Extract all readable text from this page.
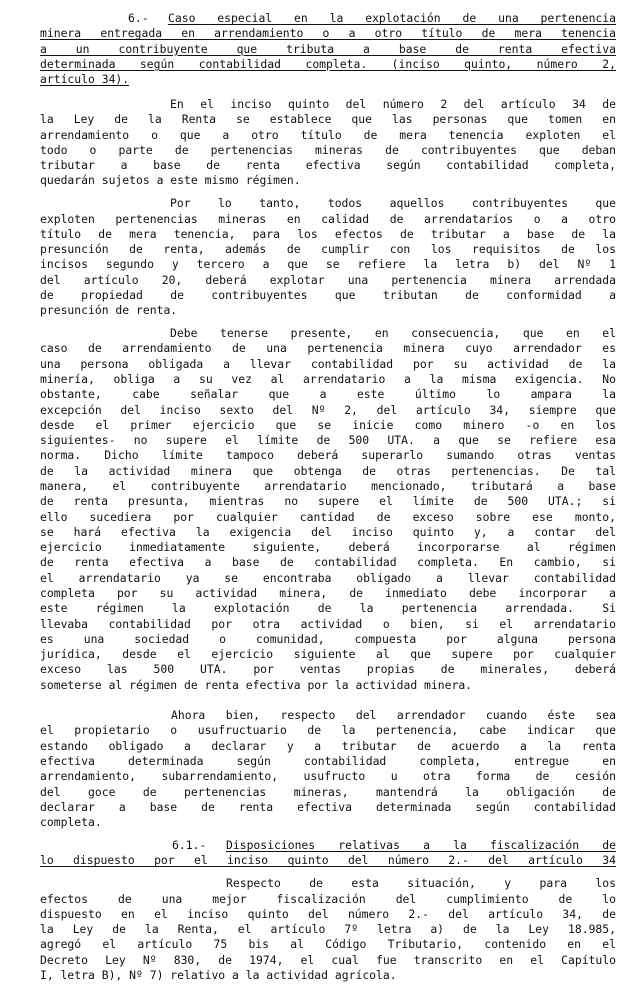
6.- Caso especial en la explotación de una pertenencia
minera entregada en arrendamiento o a otro título de mera tenencia
a un contribuyente que tributa a base de renta efectiva
determinada según contabilidad completa. (inciso quinto, número 2,
artículo 34).
En el inciso quinto del número 2 del artículo 34 de
la Ley de la Renta se establece que las personas que tomen en
arrendamiento o que a otro título de mera tenencia exploten el
todo o parte de pertenencias mineras de contribuyentes que deban
tributar a base de renta efectiva según contabilidad completa,
quedarán sujetos a este mismo régimen.
Por lo tanto, todos aquellos contribuyentes que
exploten pertenencias mineras en calidad de arrendatarios o a otro
título de mera tenencia, para los efectos de tributar a base de la
presunción de renta, además de cumplir con los requisitos de los
incisos segundo y tercero a que se refiere la letra b) del Nº 1
del artículo 20, deberá explotar una pertenencia minera arrendada
de propiedad de contribuyentes que tributan de conformidad a
presunción de renta.
Debe tenerse presente, en consecuencia, que en el
caso de arrendamiento de una pertenencia minera cuyo arrendador es
una persona obligada a llevar contabilidad por su actividad de la
minería, obliga a su vez al arrendatario a la misma exigencia. No
obstante, cabe señalar que a este último lo ampara la
excepción del inciso sexto del Nº 2, del artículo 34, siempre que
desde el primer ejercicio que se inicie como minero -o en los
siguientes- no supere el límite de 500 UTA. a que se refiere esa
norma. Dicho límite tampoco deberá superarlo sumando otras ventas
de la actividad minera que obtenga de otras pertenencias. De tal
manera, el contribuyente arrendatario mencionado, tributará a base
de renta presunta, mientras no supere el límite de 500 UTA.; si
ello sucediera por cualquier cantidad de exceso sobre ese monto,
se hará efectiva la exigencia del inciso quinto y, a contar del
ejercicio inmediatamente siguiente, deberá incorporarse al régimen
de renta efectiva a base de contabilidad completa. En cambio, si
el arrendatario ya se encontraba obligado a llevar contabilidad
completa por su actividad minera, de inmediato debe incorporar a
este régimen la explotación de la pertenencia arrendada. Si
llevaba contabilidad por otra actividad o bien, si el arrendatario
es una sociedad o comunidad, compuesta por alguna persona
jurídica, desde el ejercicio siguiente al que supere por cualquier
exceso las 500 UTA. por ventas propias de minerales, deberá
someterse al régimen de renta efectiva por la actividad minera.
Ahora bien, respecto del arrendador cuando éste sea
el propietario o usufructuario de la pertenencia, cabe indicar que
estando obligado a declarar y a tributar de acuerdo a la renta
efectiva determinada según contabilidad completa, entregue en
arrendamiento, subarrendamiento, usufructo u otra forma de cesión
del goce de pertenencias mineras, mantendrá la obligación de
declarar a base de renta efectiva determinada según contabilidad
completa.
6.1.- Disposiciones relativas a la fiscalización de
lo dispuesto por el inciso quinto del número 2.- del artículo 34
Respecto de esta situación, y para los
efectos de una mejor fiscalización del cumplimiento de lo
dispuesto en el inciso quinto del número 2.- del artículo 34, de
la Ley de la Renta, el artículo 7º letra a) de la Ley 18.985,
agregó el artículo 75 bis al Código Tributario, contenido en el
Decreto Ley Nº 830, de 1974, el cual fue transcrito en el Capítulo
I, letra B), Nº 7) relativo a la actividad agrícola.
